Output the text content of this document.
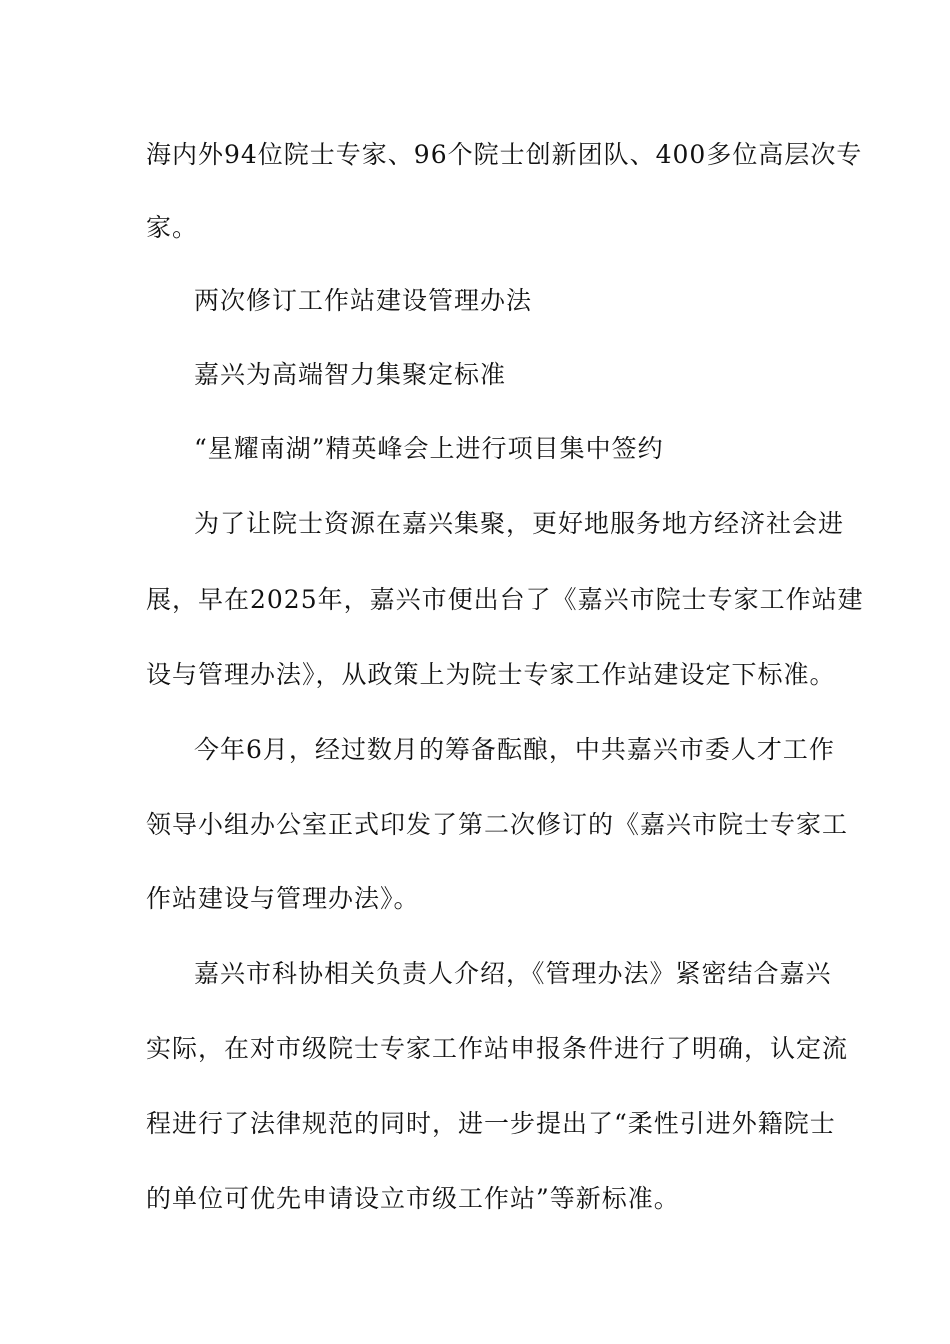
海内外94位院士专家、96个院士创新团队、400多位高层次专
家。
两次修订工作站建设管理办法
嘉兴为高端智力集聚定标准
“星耀南湖”精英峰会上进行项目集中签约
为了让院士资源在嘉兴集聚，更好地服务地方经济社会进
展，早在2025年，嘉兴市便出台了《嘉兴市院士专家工作站建
设与管理办法》，从政策上为院士专家工作站建设定下标准。
今年6月，经过数月的筹备酝酿，中共嘉兴市委人才工作
领导小组办公室正式印发了第二次修订的《嘉兴市院士专家工
作站建设与管理办法》。
嘉兴市科协相关负责人介绍，《管理办法》紧密结合嘉兴
实际，在对市级院士专家工作站申报条件进行了明确，认定流
程进行了法律规范的同时，进一步提出了“柔性引进外籍院士
的单位可优先申请设立市级工作站”等新标准。
